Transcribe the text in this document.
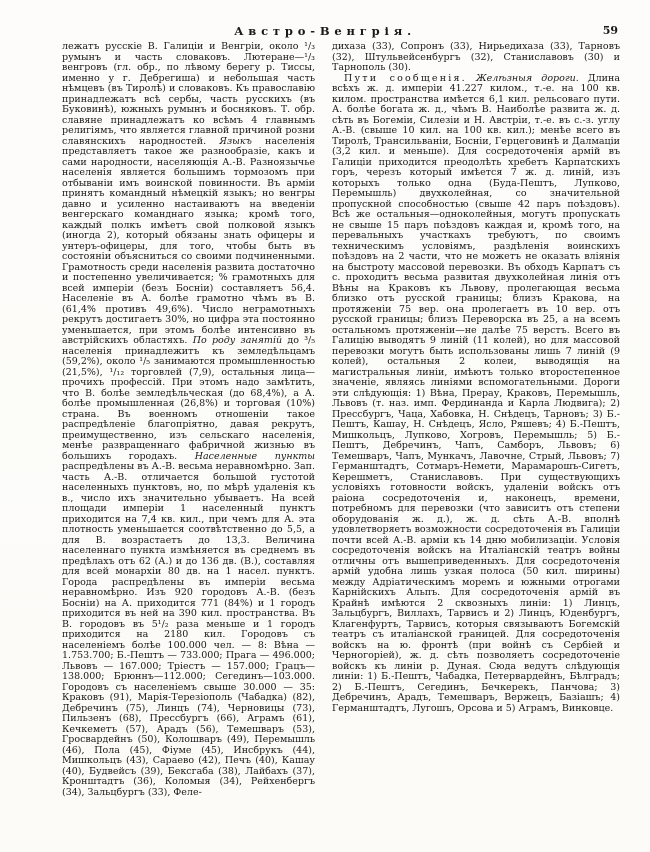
Австро-Венгрія.	59

лежатъ русскіе В. Галиціи и Венгріи, около ¹/₃ румынъ и часть словаковъ. Лютеране—¹/₃ венгровъ (гл. обр., по лѣвому берегу р. Тиссы, именно у г. Дебрегиша) и небольшая часть нѣмцевъ (въ Тиролѣ) и словаковъ. Къ православію принадлежатъ всѣ сербы, часть русскихъ (въ Буковинѣ), южныхъ румынъ и босняковъ. Т. обр. славяне принадлежатъ ко всѣмъ 4 главнымъ религіямъ, что является главной причиной розни славянскихъ народностей. Языкъ населенія представляетъ такое же разнообразіе, какъ и сами народности, населяющія А.-В. Разноязычье населенія является большимъ тормозомъ при отбываніи имъ воинской повинности. Въ арміи принятъ командный нѣмецкій языкъ; но венгры давно и усиленно настаиваютъ на введеніи венгерскаго команднаго языка; кромѣ того, каждый полкъ имѣетъ свой полковой языкъ (иногда 2), который обязаны знать офицеры и унтеръ-офицеры, для того, чтобы быть въ состояніи объясниться со своими подчиненными. Грамотность среди населенія развита достаточно и постепенно увеличивается; % грамотныхъ для всей имперіи (безъ Босніи) составляетъ 56,4. Населеніе въ А. болѣе грамотно чѣмъ въ В. (61,4% противъ 49,6%). Число неграмотныхъ рекрутъ достигаетъ 30%, но цифра эта постоянно уменьшается, при этомъ болѣе интенсивно въ австрійскихъ областяхъ. По роду занятій до ³/₅ населенія принадлежитъ къ земледѣльцамъ (59,2%), около ¹/₅ занимаются промышленностью (21,5%), ¹/₁₂ торговлей (7,9), остальныя лица—прочихъ профессій. При этомъ надо замѣтить, что В. болѣе земледѣльческая (до 68,4%), а А. болѣе промышленная (26,8%) и торговая (10%) страна. Въ военномъ отношеніи такое распредѣленіе благопріятно, давая рекрутъ, преимущественно, изъ сельскаго населенія, менѣе развращеннаго фабричной жизнью въ большихъ городахъ. Населенные пункты распредѣлены въ А.-В. весьма неравномѣрно. Зап. часть А.-В. отличается большой густотой населенныхъ пунктовъ, но, по мѣрѣ удаленія къ в., число ихъ значительно убываетъ. На всей площади имперіи 1 населенный пунктъ приходится на 7,4 кв. кил., при чемъ для А. эта плотность уменьшается соотвѣтственно до 5,5, а для В. возрастаетъ до 13,3. Величина населеннаго пункта измѣняется въ среднемъ въ предѣлахъ отъ 62 (А.) и до 136 дв. (В.), составляя для всей монархіи 80 дв. на 1 насел. пунктъ. Города распредѣлены въ имперіи весьма неравномѣрно. Изъ 920 городовъ А.-В. (безъ Босніи) на А. приходится 771 (84%) и 1 городъ приходится въ ней на 390 кил. пространства. Въ В. городовъ въ 5¹/₂ раза меньше и 1 городъ приходится на 2180 кил. Городовъ съ населеніемъ болѣе 100.000 чел. — 8: Вѣна — 1.753.700; Б.-Пештъ — 733.000; Прага — 496.000; Львовъ — 167.000; Тріестъ — 157.000; Грацъ—138.000; Брюннъ—112.000; Сегединъ—103.000. Городовъ съ населеніемъ свыше 30.000 — 35: Краковъ (91), Марія-Терезіополь (Чабадка) (82), Дебречинъ (75), Линцъ (74), Черновицы (73), Пильзенъ (68), Прессбургъ (66), Аграмъ (61), Кечкеметъ (57), Арадъ (56), Темешваръ (53), Гросвардейнъ (50), Колошваръ (49), Перемышль (46), Пола (45), Фіуме (45), Инсбрукъ (44), Мишкольцъ (43), Сараево (42), Печъ (40), Кашау (40), Будвейсъ (39), Бексгаба (38), Лайбахъ (37), Кронштадтъ (36), Коломыя (34), Рейхенбергъ (34), Зальцбургъ (33), Феле-

дихаза (33), Сопронъ (33), Нирьедихаза (33), Тарновъ (32), Штульвейсенбургъ (32), Станиславовъ (30) и Тарнополь (30).

Пути сообщенія. Желѣзныя дороги. Длина всѣхъ ж. д. имперіи 41.227 килом., т.-е. на 100 кв. килом. пространства имѣется 6,1 кил. рельсоваго пути. А. болѣе богата ж. д., чѣмъ В. Наиболѣе развита ж. д. сѣть въ Богеміи, Силезіи и Н. Австріи, т.-е. въ с.-з. углу А.-В. (свыше 10 кил. на 100 кв. кил.); менѣе всего въ Тиролѣ, Трансильваніи, Босніи, Герцеговинѣ и Далмаціи (3,2 кил. и меньше). Для сосредоточенія армій въ Галиціи приходится преодолѣть хребетъ Карпатскихъ горъ, черезъ который имѣется 7 ж. д. линій, изъ которыхъ только одна (Буда-Пештъ, Лупково, Перемышль) двухколейная, со значительной пропускной способностью (свыше 42 паръ поѣздовъ). Всѣ же остальныя—одноколейныя, могутъ пропускать не свыше 15 паръ поѣздовъ каждая и, кромѣ того, на перевальныхъ участкахъ требуютъ, по своимъ техническимъ условіямъ, раздѣленія воинскихъ поѣздовъ на 2 части, что не можетъ не оказать вліянія на быстроту массовой перевозки. Въ обходъ Карпатъ съ с. проходитъ весьма развитая двухколейная линія отъ Вѣны на Краковъ къ Львову, пролегающая весьма близко отъ русской границы; близъ Кракова, на протяженіи 75 вер. она пролегаетъ въ 10 вер. отъ русской границы; близъ Переворска въ 25, а на всемъ остальномъ протяженіи—не далѣе 75 верстъ. Всего въ Галицію выводятъ 9 линій (11 колей), но для массовой перевозки могутъ быть использованы лишь 7 линій (9 колей), остальныя 2 колеи, выводящія на магистральныя линіи, имѣютъ только второстепенное значеніе, являясь линіями вспомогательными. Дороги эти слѣдующія: 1) Вѣна, Прерау, Краковъ, Перемышль, Львовъ (т. наз. имп. Фердинанда и Карла Людвига); 2) Прессбургъ, Чаца, Хабовка, Н. Снѣдецъ, Тарновъ; 3) Б.-Пештъ, Кашау, Н. Снѣдецъ, Ясло, Ряшевъ; 4) Б.-Пештъ, Мишкольцъ, Лупково, Хогровъ, Перемышль; 5) Б.-Пештъ, Дебречинъ, Чапъ, Самборъ, Львовъ; 6) Темешваръ, Чапъ, Мункачъ, Лавочне, Стрый, Львовъ; 7) Германштадтъ, Сотмаръ-Немети, Марамарошъ-Сигетъ, Керешметъ, Станиславовъ. При существующихъ условіяхъ готовности войскъ, удаленіи войскъ отъ раіона сосредоточенія и, наконецъ, времени, потребномъ для перевозки (что зависитъ отъ степени оборудованія ж. д.), ж. д. сѣть А.-В. вполнѣ удовлетворяетъ возможности сосредоточенія въ Галиціи почти всей А.-В. арміи къ 14 дню мобилизаціи. Условія сосредоточенія войскъ на Италіанскій театръ войны отличны отъ вышеприведенныхъ. Для сосредоточенія армій удобна лишь узкая полоса (50 кил. ширины) между Адріатическимъ моремъ и южными отрогами Карнійскихъ Альпъ. Для сосредоточенія армій въ Крайнѣ имѣются 2 сквозныхъ линіи: 1) Линцъ, Зальцбургъ, Виллахъ, Тарвисъ и 2) Линцъ, Юденбургъ, Клагенфуртъ, Тарвисъ, которыя связываютъ Богемскій театръ съ италіанской границей. Для сосредоточенія войскъ на ю. фронтѣ (при войнѣ съ Сербіей и Черногоріей), ж. д. сѣть позволяетъ сосредоточеніе войскъ къ линіи р. Дуная. Сюда ведутъ слѣдующія линіи: 1) Б.-Пештъ, Чабадка, Петервардейнъ, Бѣлградъ; 2) Б.-Пештъ, Сегединъ, Бечкерекъ, Панчова; 3) Дебречинъ, Арадъ, Темешваръ, Вержецъ, Базіашъ; 4) Германштадтъ, Лугошъ, Орсова и 5) Аграмъ, Винковце.
